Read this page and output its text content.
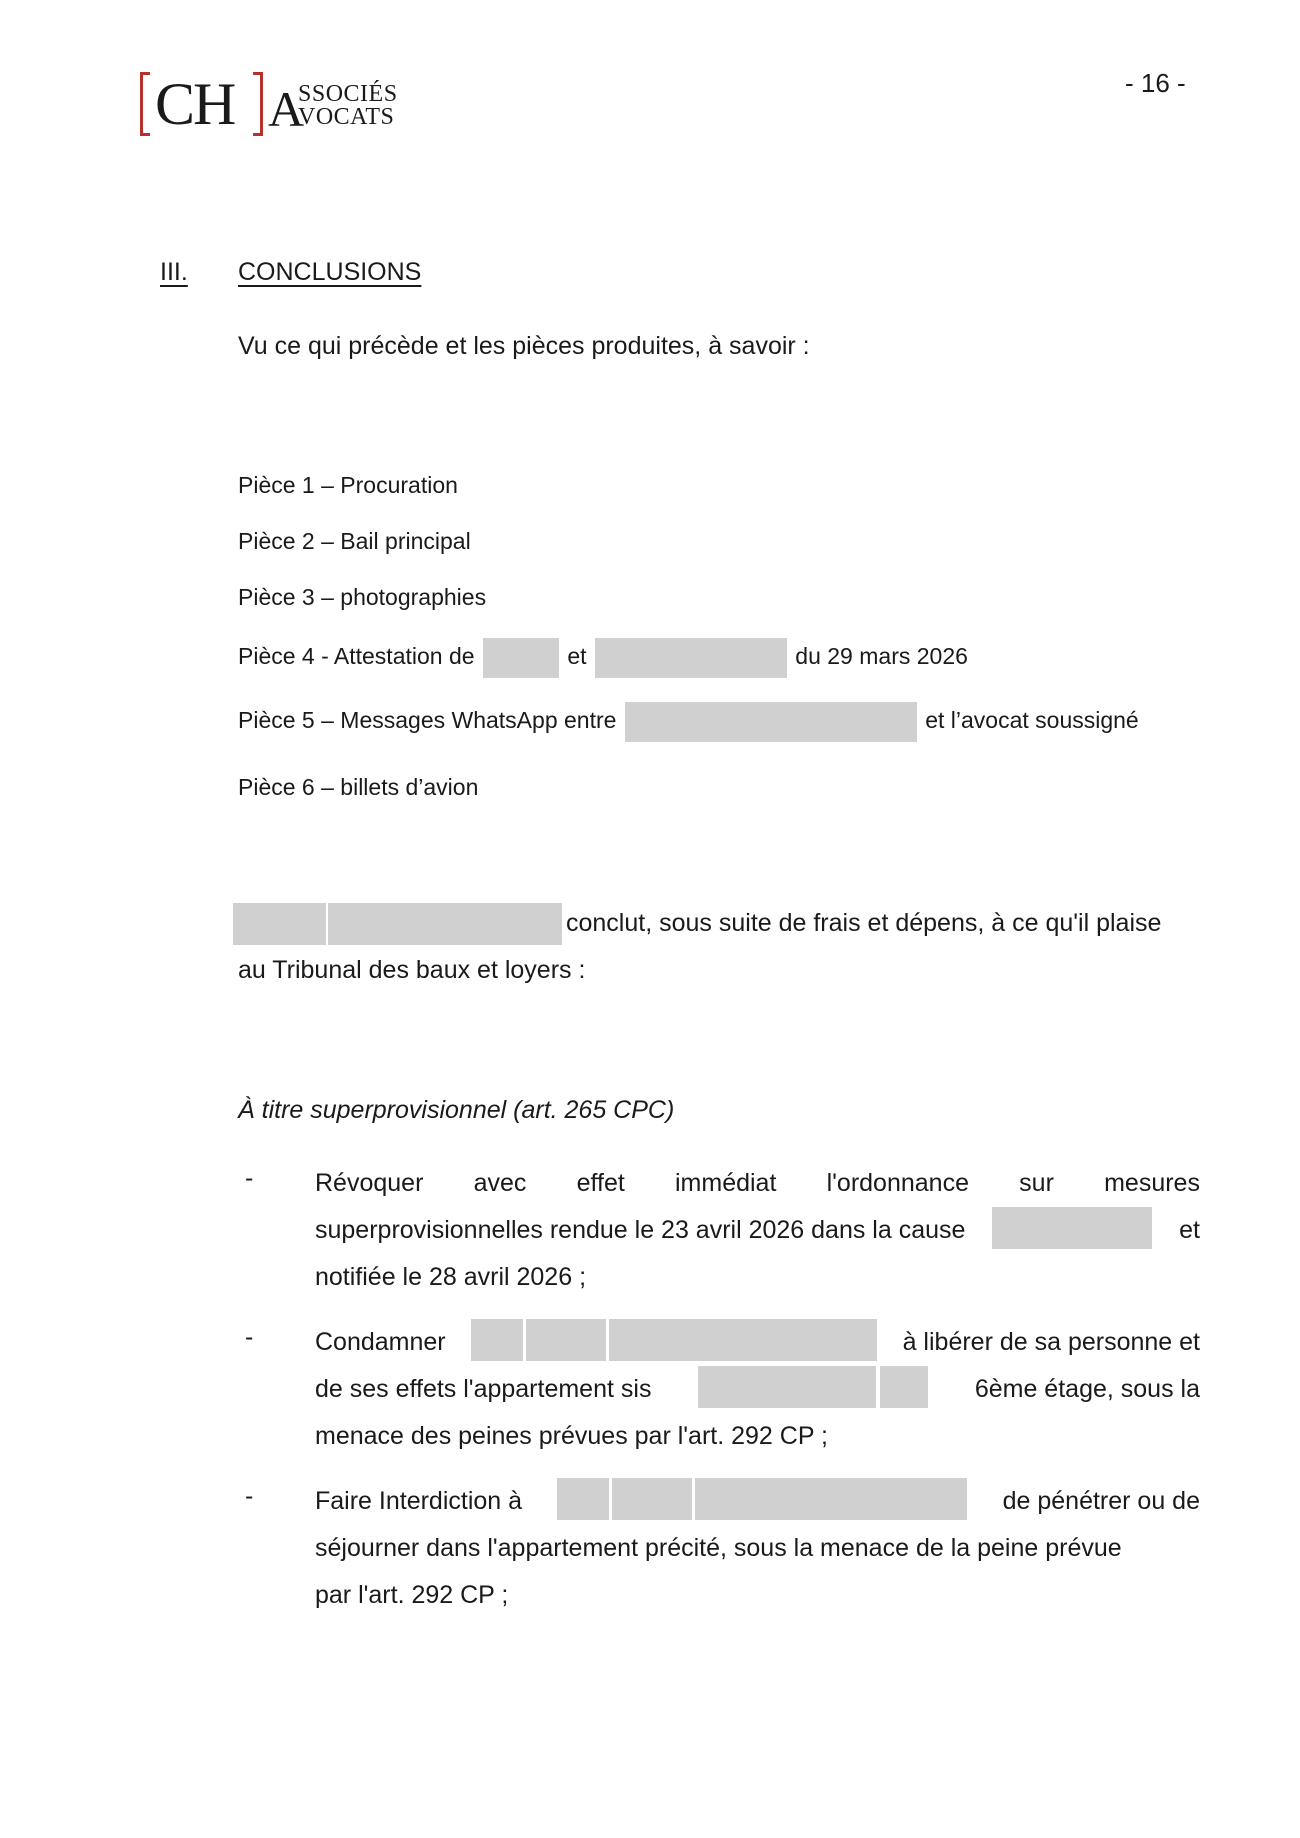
CH A
SSOCIÉS
VOCATS
- 16 -
III. CONCLUSIONS
Vu ce qui précède et les pièces produites, à savoir :
Pièce 1 – Procuration
Pièce 2 – Bail principal
Pièce 3 – photographies
Pièce 4 - Attestation de	et	du 29 mars 2026
Pièce 5 – Messages WhatsApp entre	et l’avocat soussigné
Pièce 6 – billets d’avion
conclut, sous suite de frais et dépens, à ce qu'il plaise
au Tribunal des baux et loyers :
À titre superprovisionnel (art. 265 CPC)
- Révoquer avec effet immédiat l'ordonnance sur mesures
superprovisionnelles rendue le 23 avril 2026 dans la cause	et
notifiée le 28 avril 2026 ;
- Condamner	à libérer de sa personne et
de ses effets l'appartement sis	6ème étage, sous la
menace des peines prévues par l'art. 292 CP ;
- Faire Interdiction à	de pénétrer ou de
séjourner dans l'appartement précité, sous la menace de la peine prévue
par l'art. 292 CP ;
